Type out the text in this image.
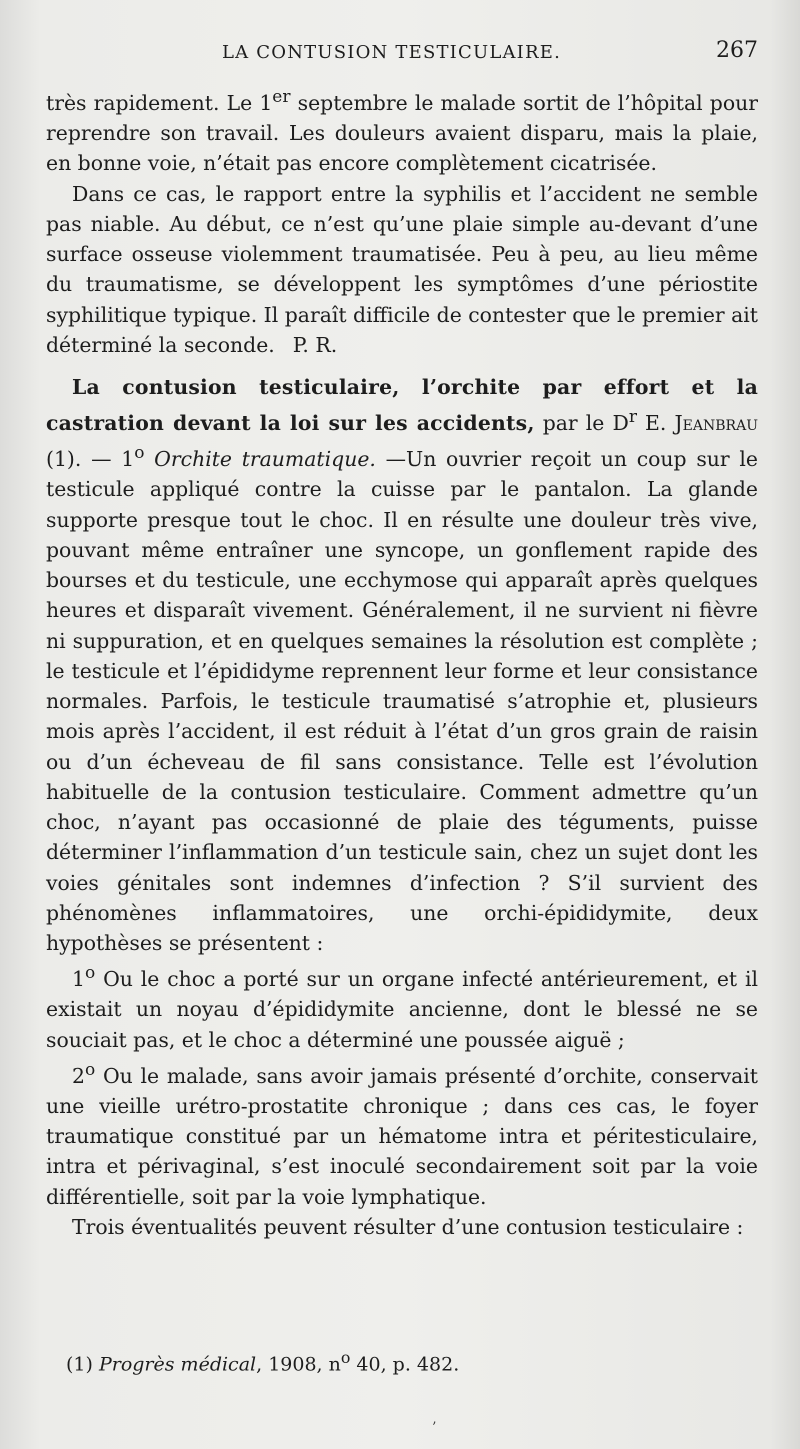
LA CONTUSION TESTICULAIRE.	267

très rapidement. Le 1er septembre le malade sortit de l’hôpital pour reprendre son travail. Les douleurs avaient disparu, mais la plaie, en bonne voie, n’était pas encore complètement cicatrisée.

Dans ce cas, le rapport entre la syphilis et l’accident ne semble pas niable. Au début, ce n’est qu’une plaie simple au-devant d’une surface osseuse violemment traumatisée. Peu à peu, au lieu même du traumatisme, se développent les symptômes d’une périostite syphilitique typique. Il paraît difficile de contester que le premier ait déterminé la seconde. P. R.

La contusion testiculaire, l’orchite par effort et la castration devant la loi sur les accidents, par le $D^r$ E. Jeanbrau (1). — 1$^o$ Orchite traumatique. —Un ouvrier reçoit un coup sur le testicule appliqué contre la cuisse par le pantalon. La glande supporte presque tout le choc. Il en résulte une douleur très vive, pouvant même entraîner une syncope, un gonflement rapide des bourses et du testicule, une ecchymose qui apparaît après quelques heures et disparaît vivement. Généralement, il ne survient ni fièvre ni suppuration, et en quelques semaines la résolution est complète ; le testicule et l’épididyme reprennent leur forme et leur consistance normales. Parfois, le testicule traumatisé s’atrophie et, plusieurs mois après l’accident, il est réduit à l’état d’un gros grain de raisin ou d’un écheveau de fil sans consistance. Telle est l’évolution habituelle de la contusion testiculaire. Comment admettre qu’un choc, n’ayant pas occasionné de plaie des téguments, puisse déterminer l’inflammation d’un testicule sain, chez un sujet dont les voies génitales sont indemnes d’infection ? S’il survient des phénomènes inflammatoires, une orchi-épididymite, deux hypothèses se présentent :

1$^o$ Ou le choc a porté sur un organe infecté antérieurement, et il existait un noyau d’épididymite ancienne, dont le blessé ne se souciait pas, et le choc a déterminé une poussée aiguë ;

2$^o$ Ou le malade, sans avoir jamais présenté d’orchite, conservait une vieille urétro-prostatite chronique ; dans ces cas, le foyer traumatique constitué par un hématome intra et péritesticulaire, intra et périvaginal, s’est inoculé secondairement soit par la voie différentielle, soit par la voie lymphatique.

Trois éventualités peuvent résulter d’une contusion testiculaire :

(1) Progrès médical, 1908, $n^o$ 40, p. 482.
’
